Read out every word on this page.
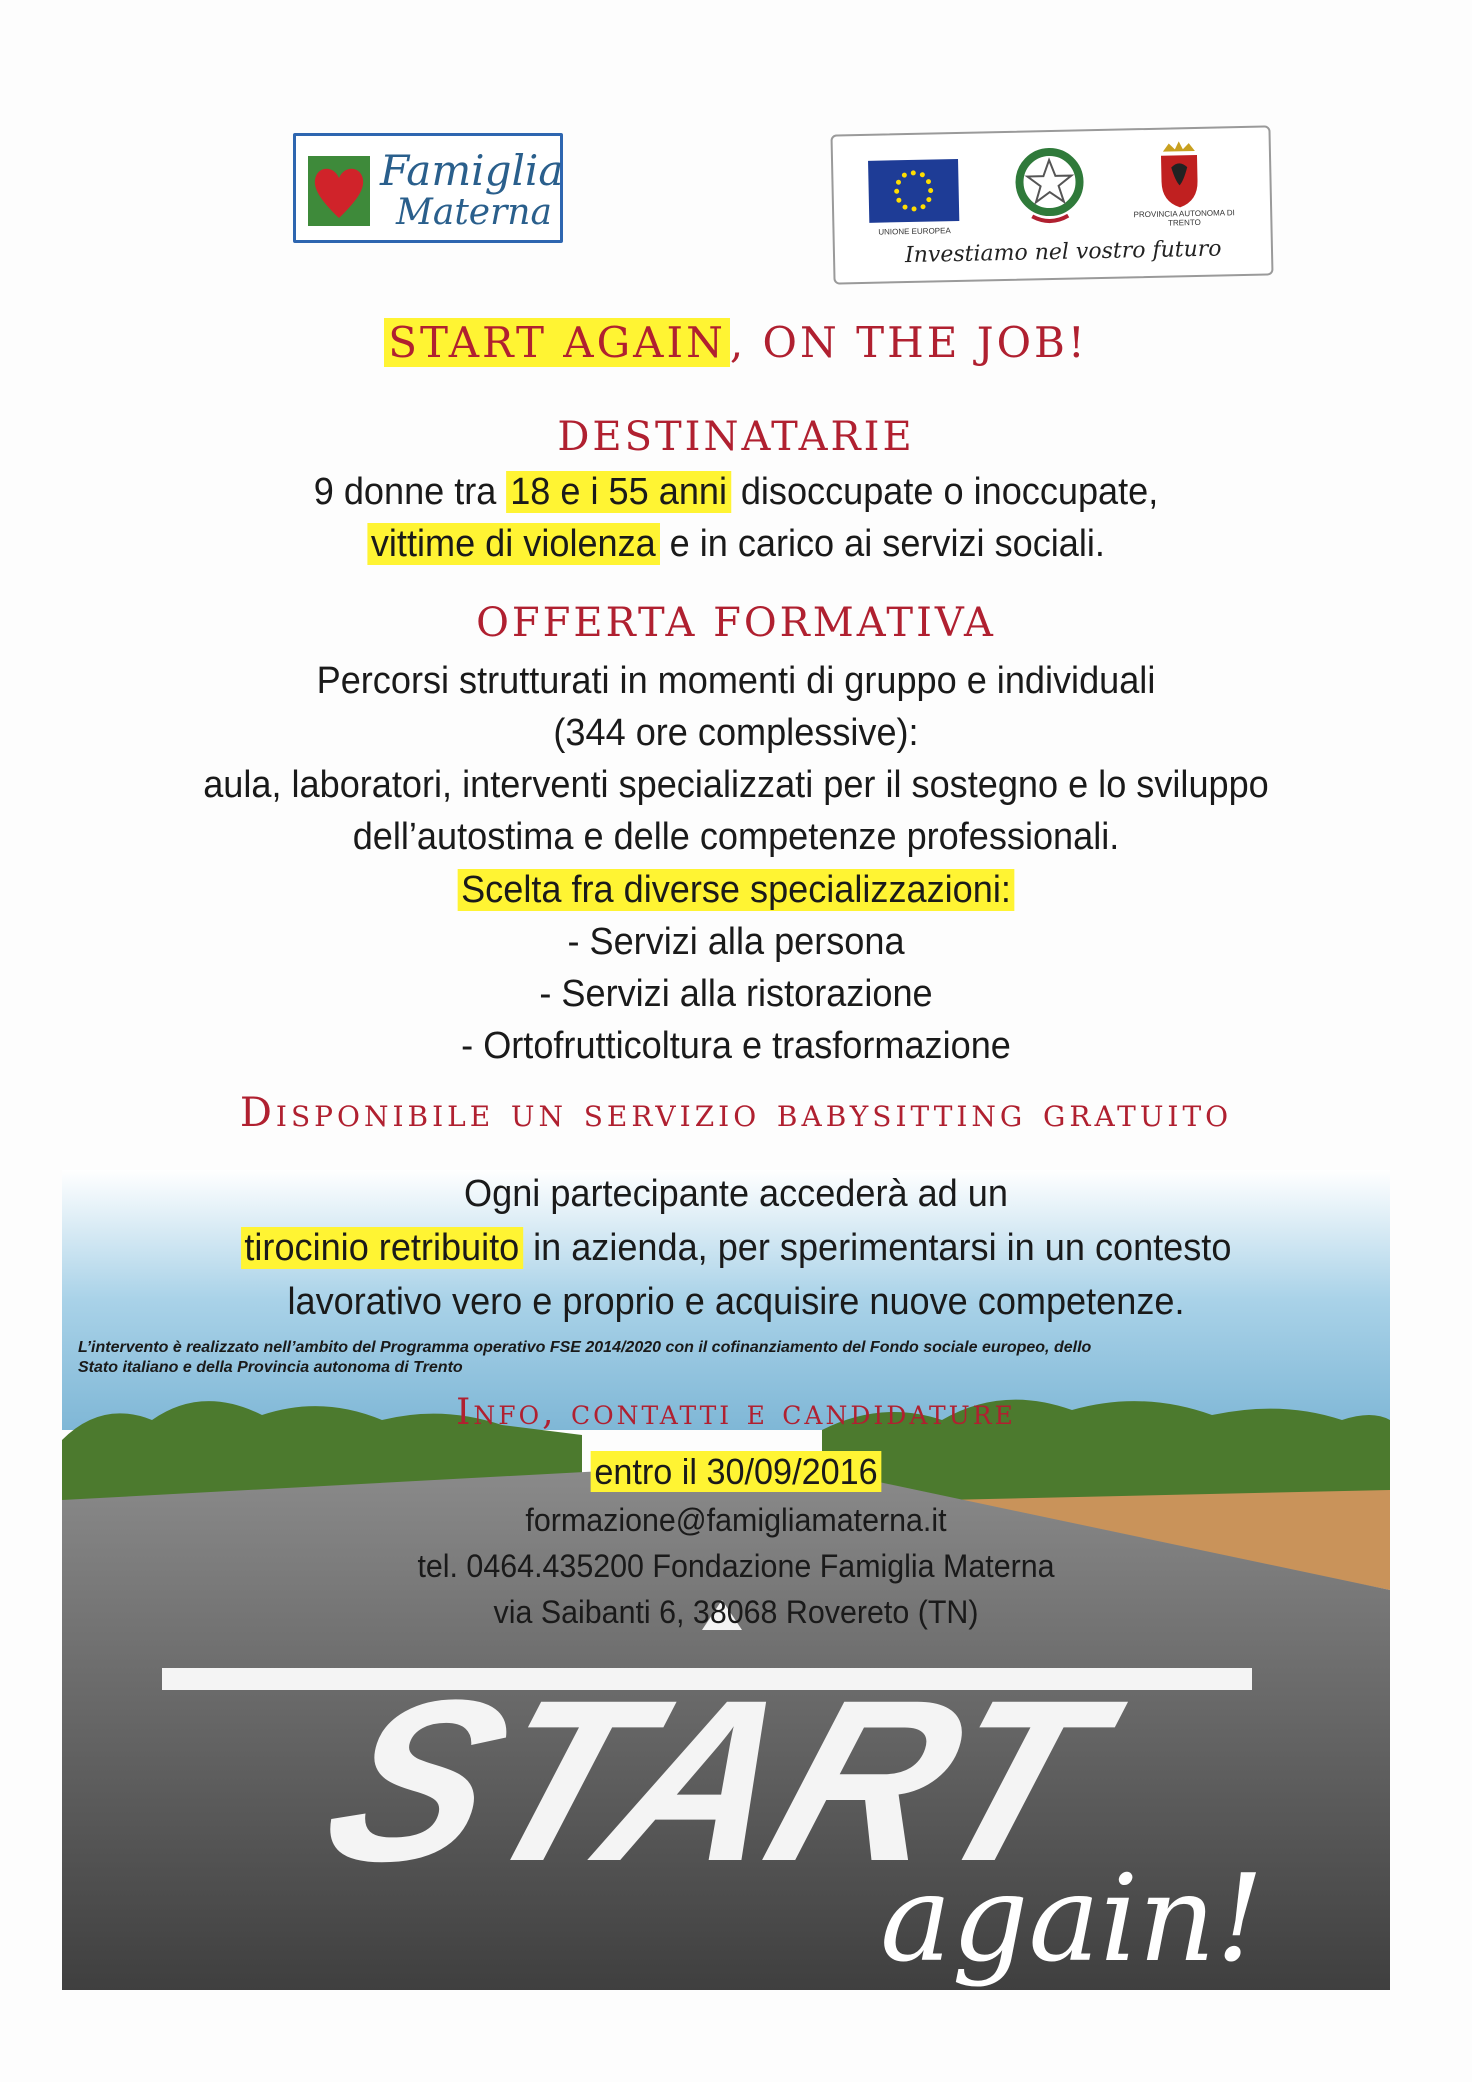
Famiglia
Materna	UNIONE EUROPEA
PROVINCIA AUTONOMA DI TRENTO
Investiamo nel vostro futuro
START AGAIN, ON THE JOB!
DESTINATARIE
9 donne tra 18 e i 55 anni disoccupate o inoccupate,
vittime di violenza e in carico ai servizi sociali.
OFFERTA FORMATIVA
Percorsi strutturati in momenti di gruppo e individuali
(344 ore complessive):
aula, laboratori, interventi specializzati per il sostegno e lo sviluppo
dell’autostima e delle competenze professionali.
Scelta fra diverse specializzazioni:
- Servizi alla persona
- Servizi alla ristorazione
- Ortofrutticoltura e trasformazione
Disponibile un servizio babysitting gratuito
START
again!
Ogni partecipante accederà ad un
tirocinio retribuito in azienda, per sperimentarsi in un contesto
lavorativo vero e proprio e acquisire nuove competenze.
L’intervento è realizzato nell’ambito del Programma operativo FSE 2014/2020 con il cofinanziamento del Fondo sociale europeo, dello
Stato italiano e della Provincia autonoma di Trento
Info, contatti e candidature
entro il 30/09/2016
formazione@famigliamaterna.it
tel. 0464.435200 Fondazione Famiglia Materna
via Saibanti 6, 38068 Rovereto (TN)
